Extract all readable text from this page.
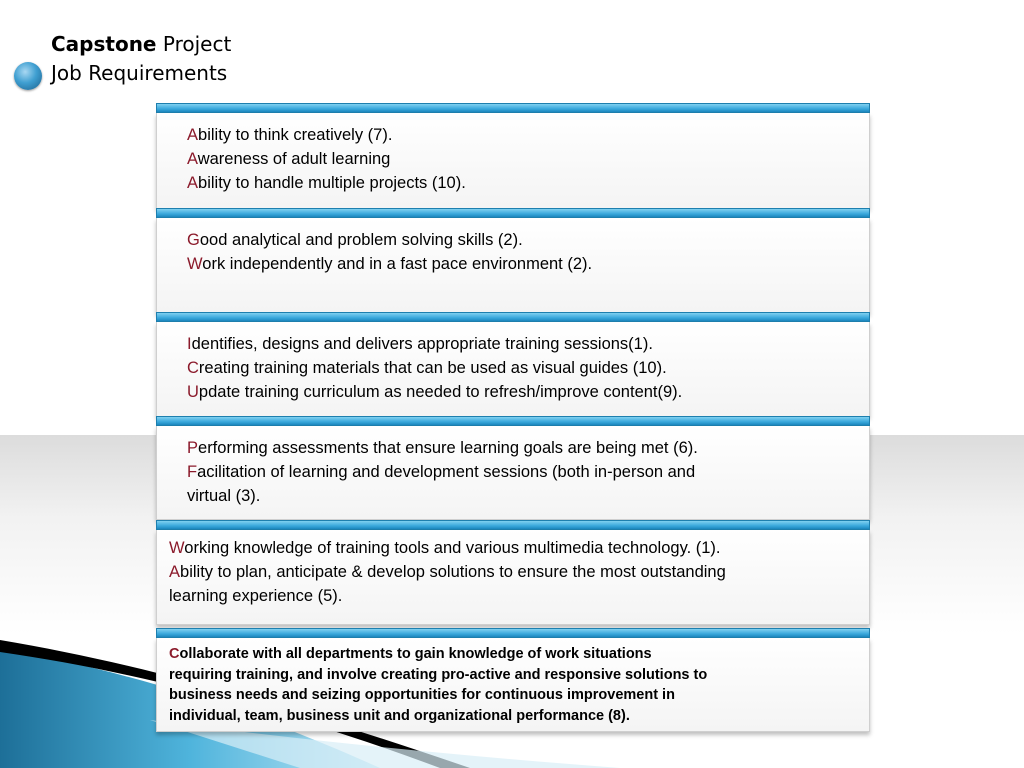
Capstone Project
Job Requirements
Ability to think creatively (7).
Awareness of adult learning
Ability to handle multiple projects (10).
Good analytical and problem solving skills (2).
Work independently and in a fast pace environment (2).
Identifies, designs and delivers appropriate training sessions(1).
Creating training materials that can be used as visual guides (10).
Update training curriculum as needed to refresh/improve content(9).
Performing assessments that ensure learning goals are being met (6).
Facilitation of learning and development sessions (both in-person and
virtual (3).
Working knowledge of training tools and various multimedia technology. (1).
Ability to plan, anticipate & develop solutions to ensure the most outstanding
learning experience (5).
Collaborate with all departments to gain knowledge of work situations
requiring training, and involve creating pro-active and responsive solutions to
business needs and seizing opportunities for continuous improvement in
individual, team, business unit and organizational performance (8).
